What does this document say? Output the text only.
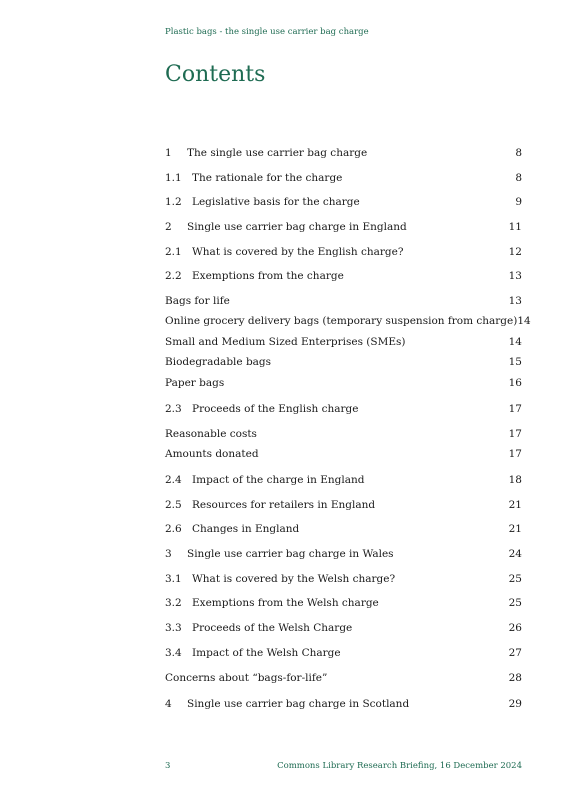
Plastic bags - the single use carrier bag charge
Contents
1	The single use carrier bag charge	8
1.1 The rationale for the charge	8
1.2 Legislative basis for the charge	9
2	Single use carrier bag charge in England	11
2.1 What is covered by the English charge?	12
2.2 Exemptions from the charge	13
Bags for life	13
Online grocery delivery bags (temporary suspension from charge) 14
Small and Medium Sized Enterprises (SMEs)	14
Biodegradable bags	15
Paper bags	16
2.3 Proceeds of the English charge	17
Reasonable costs	17
Amounts donated	17
2.4 Impact of the charge in England	18
2.5 Resources for retailers in England	21
2.6 Changes in England	21
3	Single use carrier bag charge in Wales	24
3.1 What is covered by the Welsh charge?	25
3.2 Exemptions from the Welsh charge	25
3.3 Proceeds of the Welsh Charge	26
3.4 Impact of the Welsh Charge	27
Concerns about “bags-for-life”	28
4	Single use carrier bag charge in Scotland	29
3	Commons Library Research Briefing, 16 December 2024
